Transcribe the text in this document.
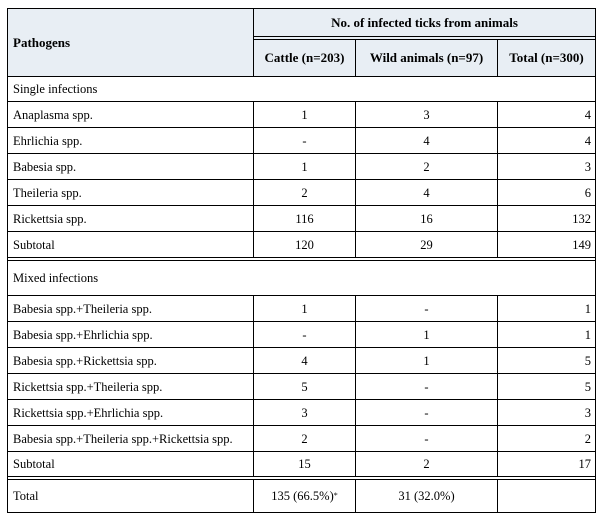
Pathogens
No. of infected ticks from animals
Cattle (n=203)	Wild animals (n=97)	Total (n=300)
Single infections
Anaplasma spp.	1	3	4
Ehrlichia spp.	-	4	4
Babesia spp.	1	2	3
Theileria spp.	2	4	6
Rickettsia spp.	116	16	132
Subtotal	120	29	149
Mixed infections
Babesia spp.+Theileria spp.	1	-	1
Babesia spp.+Ehrlichia spp.	-	1	1
Babesia spp.+Rickettsia spp.	4	1	5
Rickettsia spp.+Theileria spp.	5	-	5
Rickettsia spp.+Ehrlichia spp.	3	-	3
Babesia spp.+Theileria spp.+Rickettsia spp.	2	-	2
Subtotal	15	2	17
Total	135 (66.5%) *	31 (32.0%)
